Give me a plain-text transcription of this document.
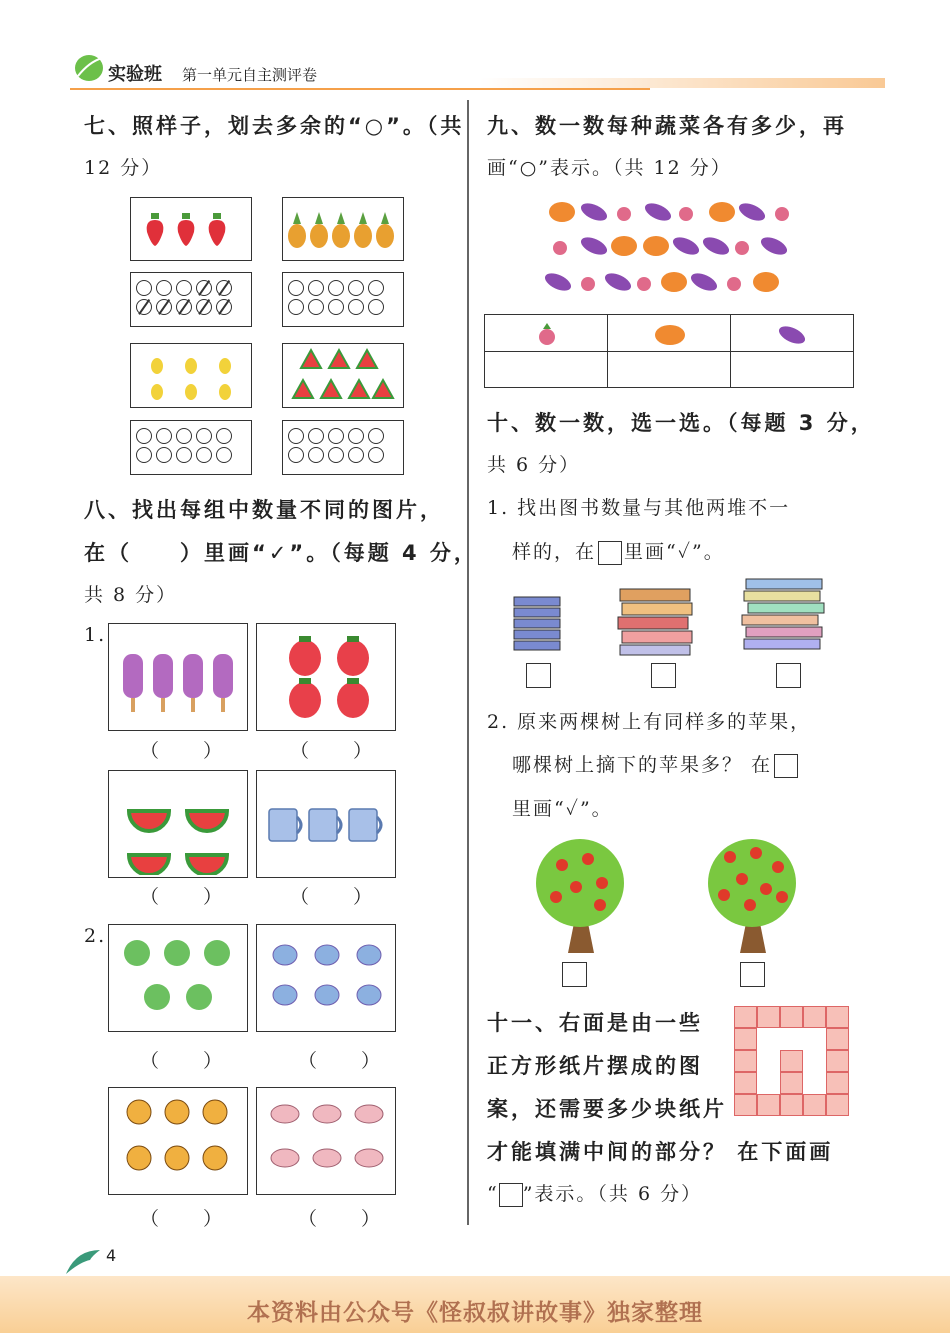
实验班 第一单元自主测评卷
七、照样子，划去多余的“○”。（共
12 分）
八、找出每组中数量不同的图片，
在（　　）里画“✓”。（每题 4 分，
共 8 分）
1.
（　　）	（　　）
（　　）	（　　）
2.
（　　）	（　　）
（　　）	（　　）
九、数一数每种蔬菜各有多少，再
画“○”表示。（共 12 分）
十、数一数，选一选。（每题 3 分，
共 6 分）
1. 找出图书数量与其他两堆不一
样的，在 里画“✓”。
2. 原来两棵树上有同样多的苹果，
哪棵树上摘下的苹果多？ 在
里画“✓”。
十一、右面是由一些
正方形纸片摆成的图
案，还需要多少块纸片
才能填满中间的部分？ 在下面画
“ ”表示。（共 6 分）
4
本资料由公众号《怪叔叔讲故事》独家整理
